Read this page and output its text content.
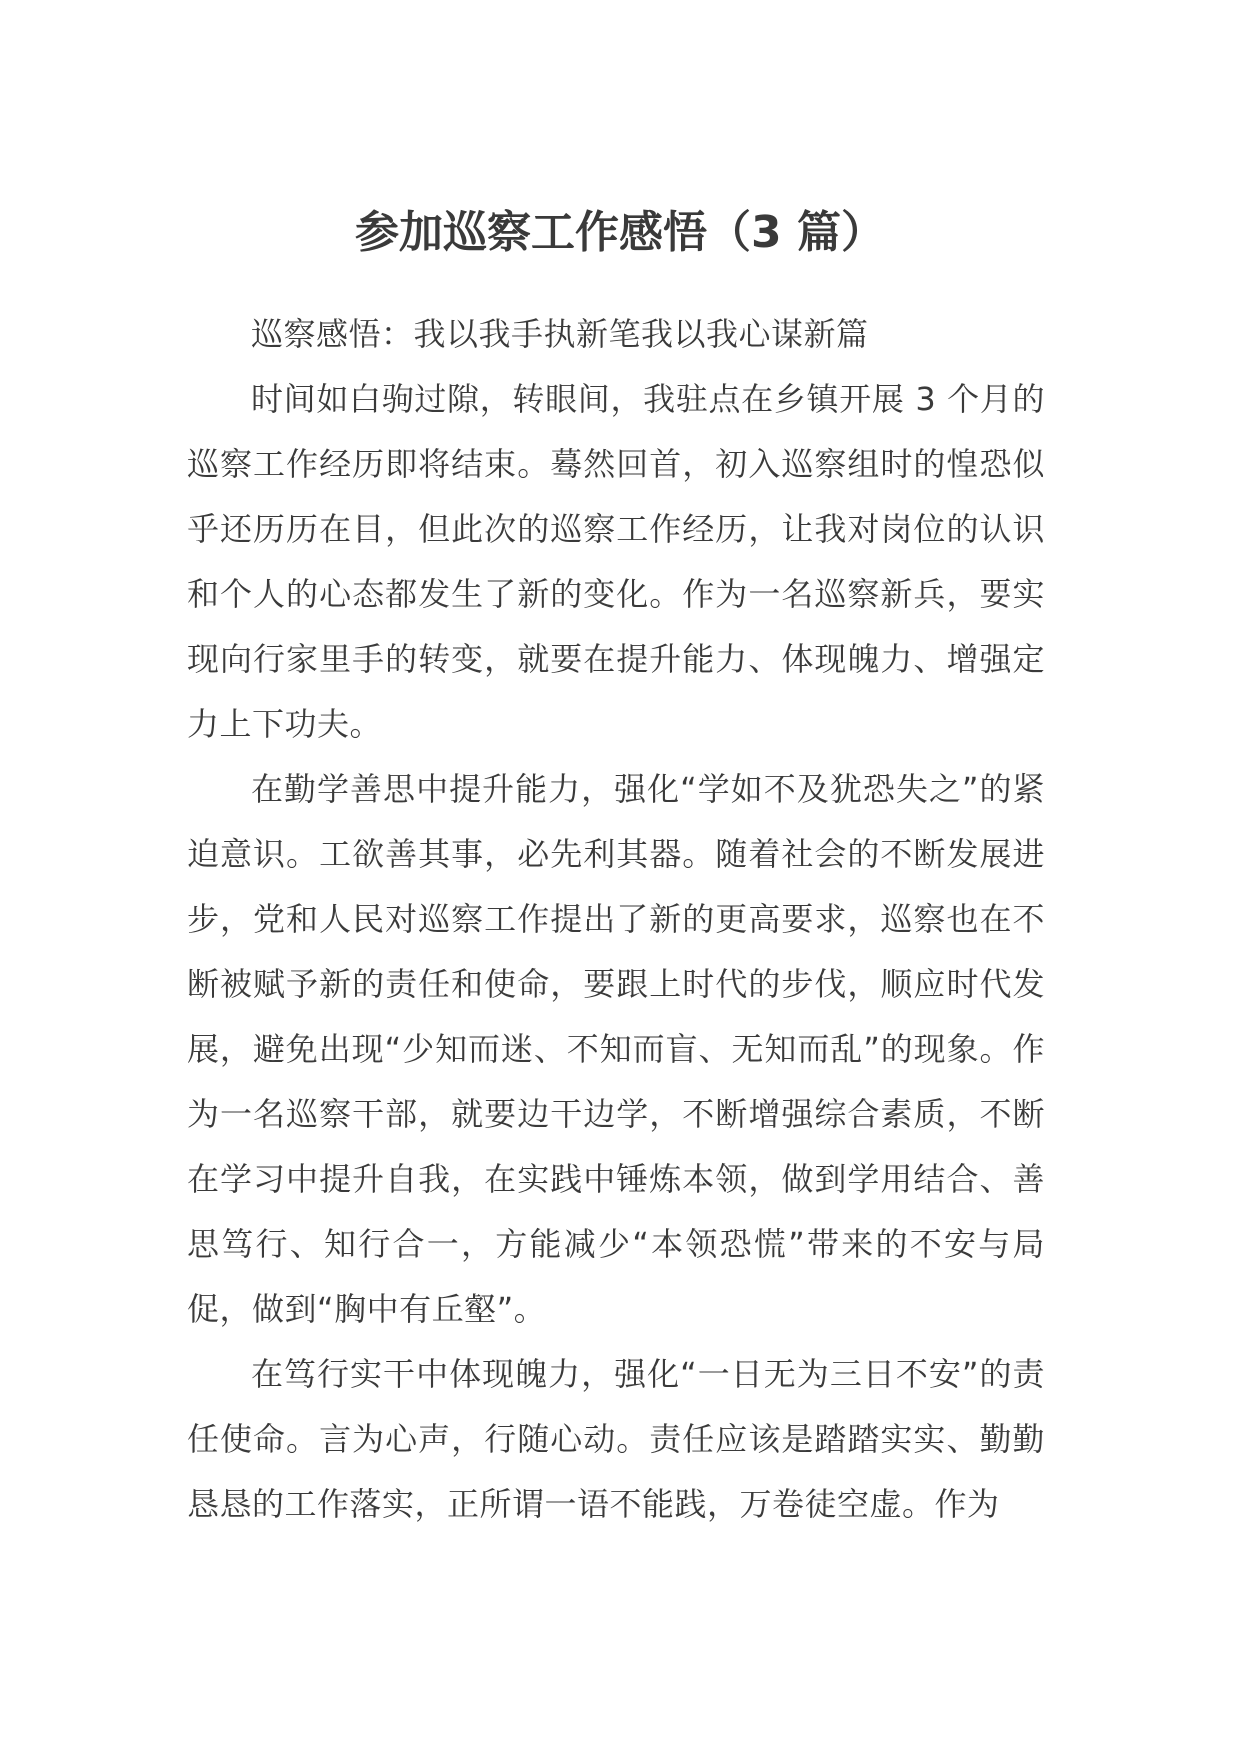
参加巡察工作感悟（3 篇）

巡察感悟：我以我手执新笔我以我心谋新篇

时间如白驹过隙，转眼间，我驻点在乡镇开展 3 个月的巡察工作经历即将结束。蓦然回首，初入巡察组时的惶恐似乎还历历在目，但此次的巡察工作经历，让我对岗位的认识和个人的心态都发生了新的变化。作为一名巡察新兵，要实现向行家里手的转变，就要在提升能力、体现魄力、增强定力上下功夫。

在勤学善思中提升能力，强化“学如不及犹恐失之”的紧迫意识。工欲善其事，必先利其器。随着社会的不断发展进步，党和人民对巡察工作提出了新的更高要求，巡察也在不断被赋予新的责任和使命，要跟上时代的步伐，顺应时代发展，避免出现“少知而迷、不知而盲、无知而乱”的现象。作为一名巡察干部，就要边干边学，不断增强综合素质，不断在学习中提升自我，在实践中锤炼本领，做到学用结合、善思笃行、知行合一，方能减少“本领恐慌”带来的不安与局促，做到“胸中有丘壑”。

在笃行实干中体现魄力，强化“一日无为三日不安”的责任使命。言为心声，行随心动。责任应该是踏踏实实、勤勤恳恳的工作落实，正所谓一语不能践，万卷徒空虚。作为
